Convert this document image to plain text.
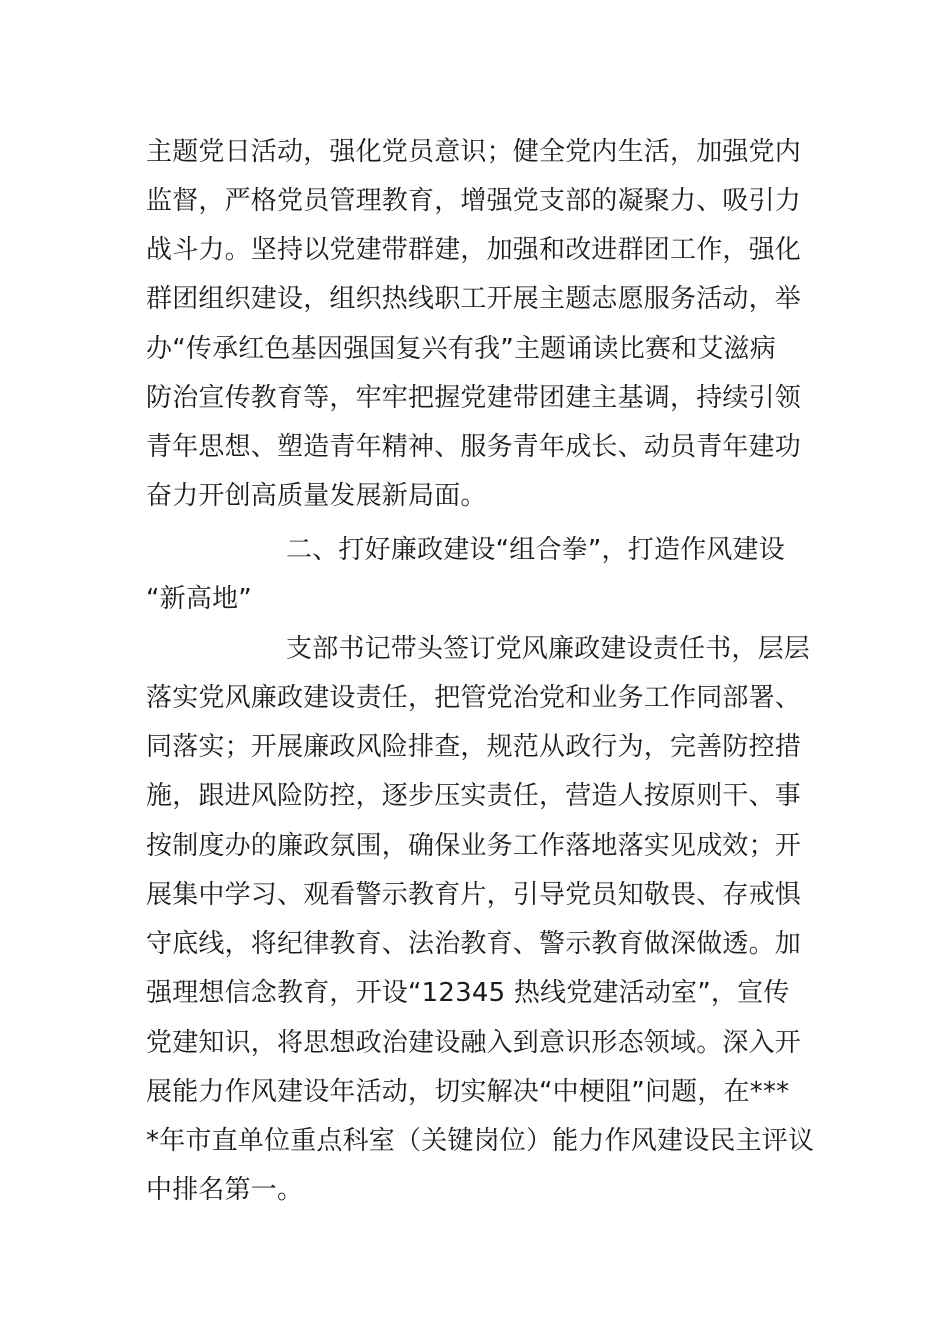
主题党日活动，强化党员意识；健全党内生活，加强党内
监督，严格党员管理教育，增强党支部的凝聚力、吸引力
战斗力。坚持以党建带群建，加强和改进群团工作，强化
群团组织建设，组织热线职工开展主题志愿服务活动，举
办“传承红色基因强国复兴有我”主题诵读比赛和艾滋病
防治宣传教育等，牢牢把握党建带团建主基调，持续引领
青年思想、塑造青年精神、服务青年成长、动员青年建功
奋力开创高质量发展新局面。
二、打好廉政建设“组合拳”，打造作风建设
“新高地”
支部书记带头签订党风廉政建设责任书，层层
落实党风廉政建设责任，把管党治党和业务工作同部署、
同落实；开展廉政风险排查，规范从政行为，完善防控措
施，跟进风险防控，逐步压实责任，营造人按原则干、事
按制度办的廉政氛围，确保业务工作落地落实见成效；开
展集中学习、观看警示教育片，引导党员知敬畏、存戒惧
守底线，将纪律教育、法治教育、警示教育做深做透。加
强理想信念教育，开设“12345 热线党建活动室”，宣传
党建知识，将思想政治建设融入到意识形态领域。深入开
展能力作风建设年活动，切实解决“中梗阻”问题，在***
*年市直单位重点科室（关键岗位）能力作风建设民主评议
中排名第一。
